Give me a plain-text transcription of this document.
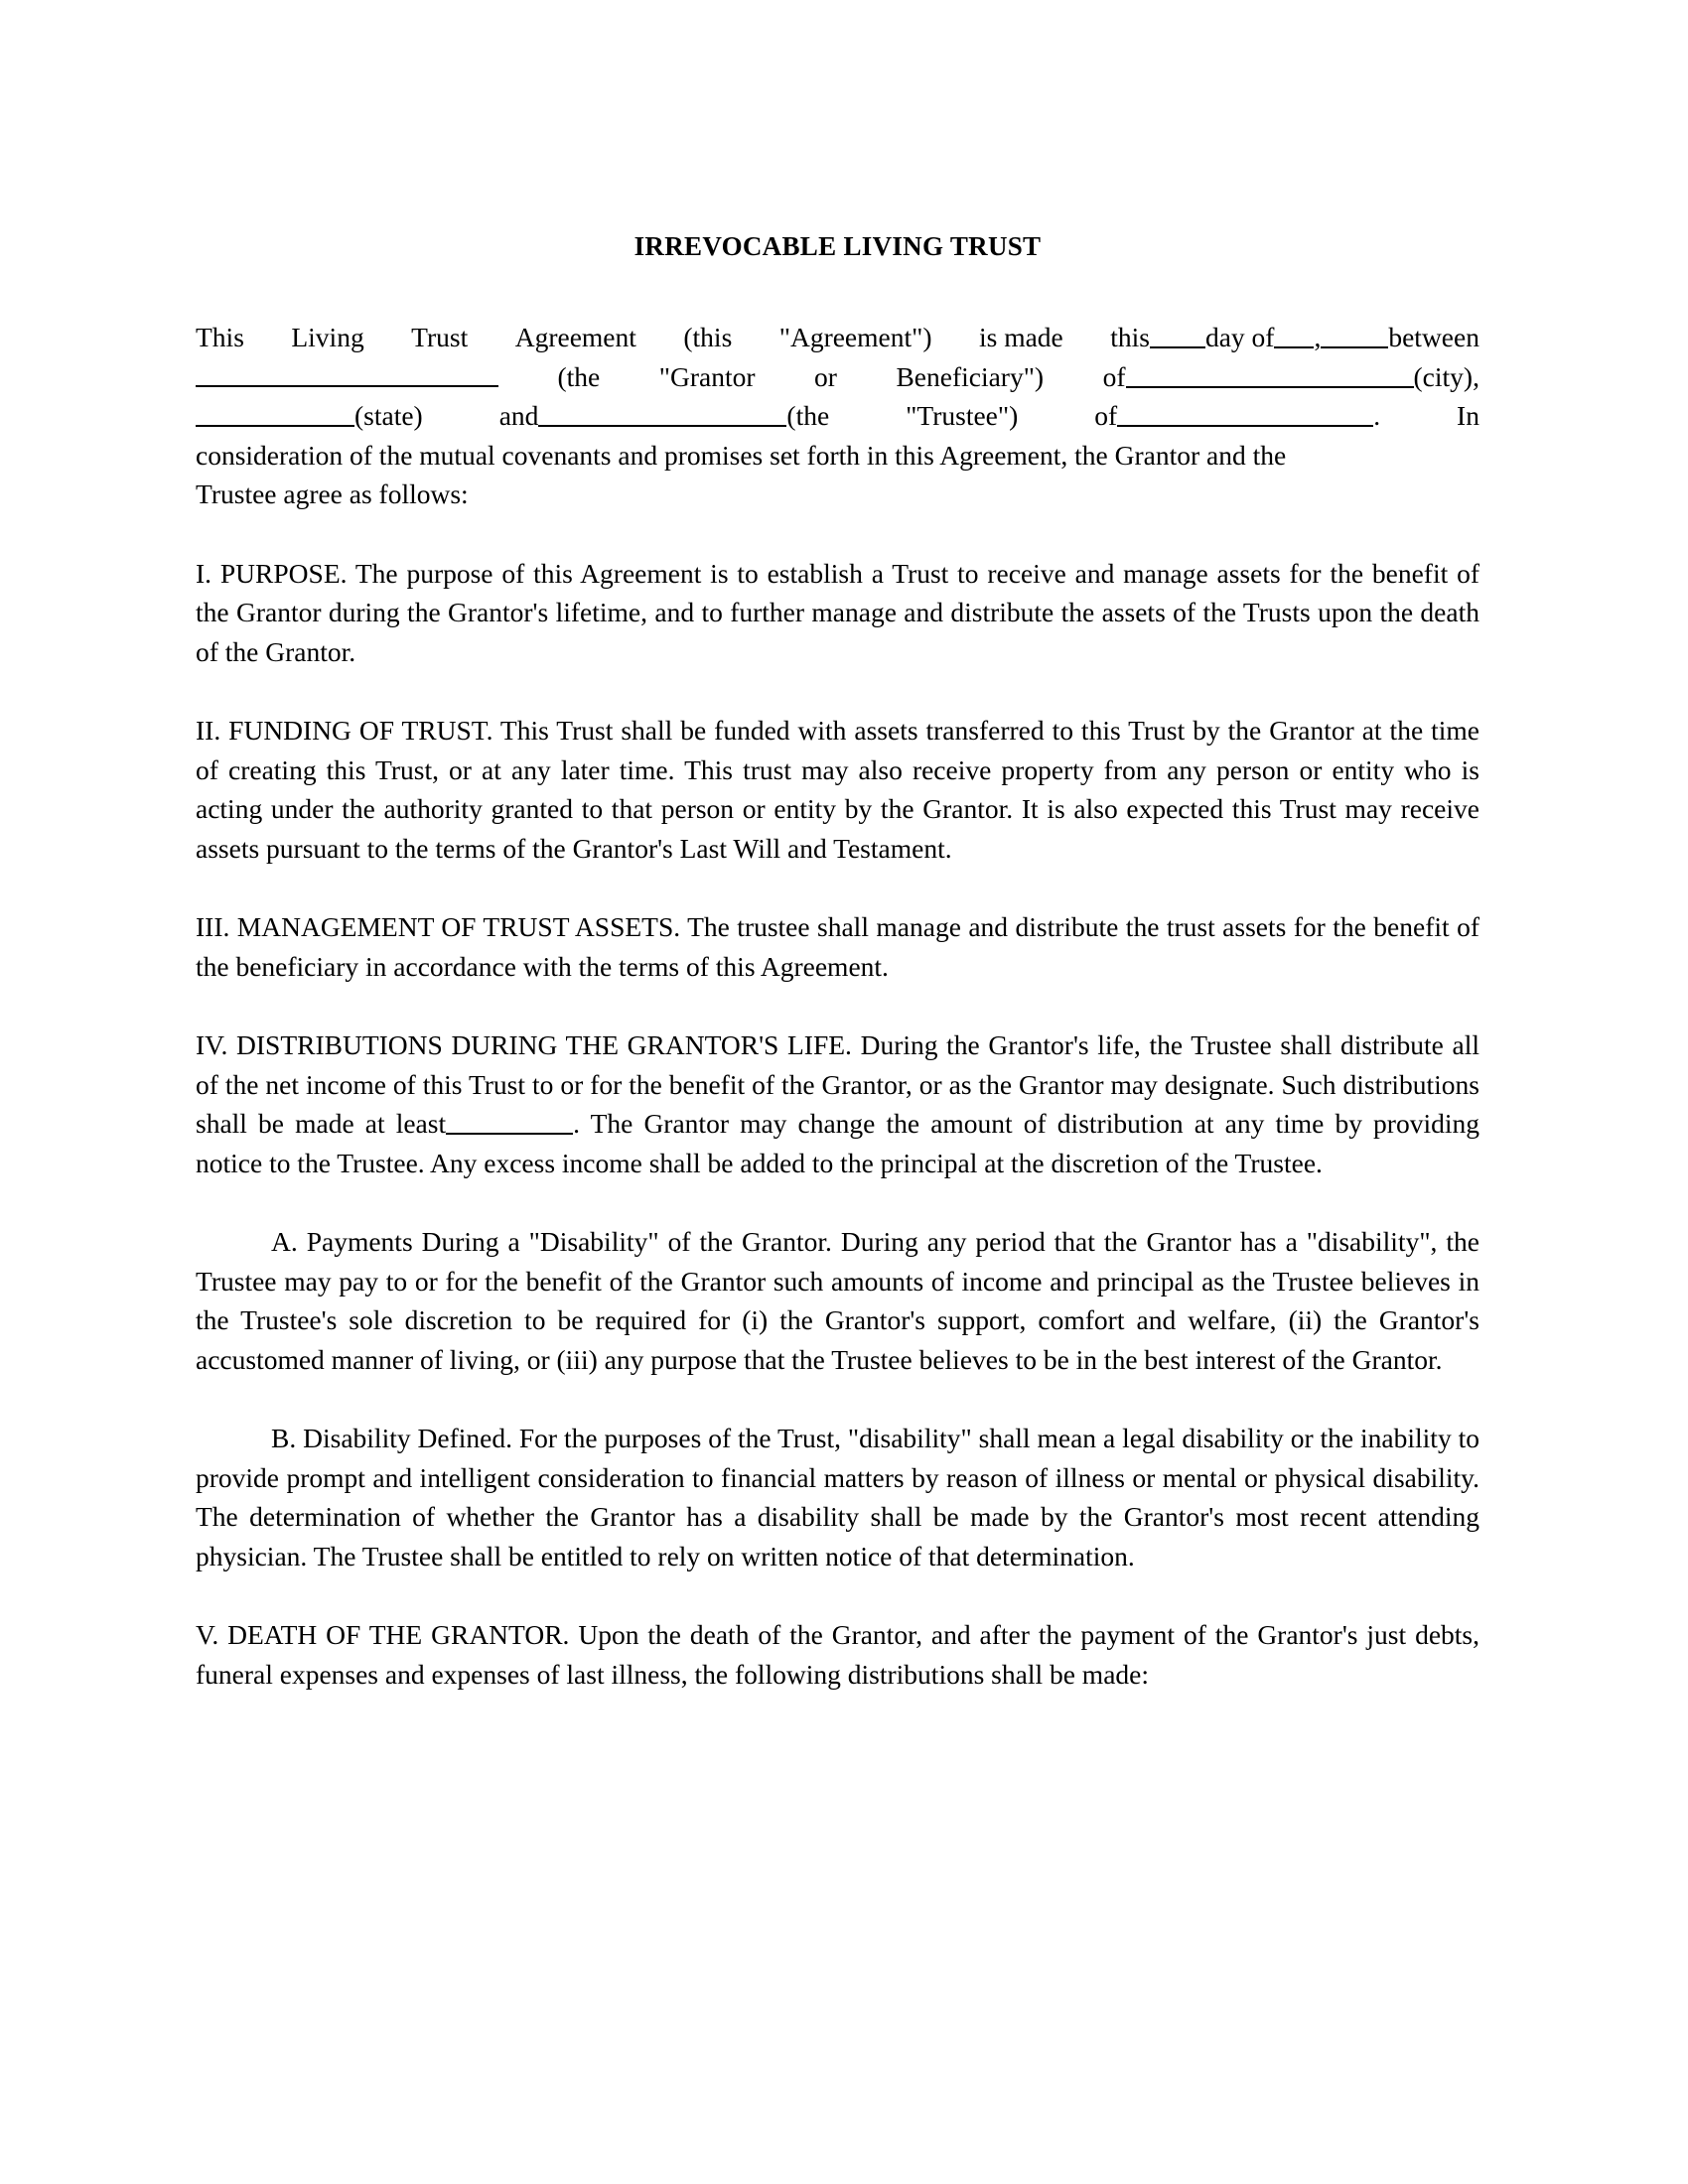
IRREVOCABLE LIVING TRUST
This Living Trust Agreement (this "Agreement") is made this day of , between
(the "Grantor or Beneficiary") of	(city),
(state)	and	(the	"Trustee")	of	.	In
consideration of the mutual covenants and promises set forth in this Agreement, the Grantor and the
Trustee agree as follows:

I. PURPOSE. The purpose of this Agreement is to establish a Trust to receive and manage assets for the benefit of the Grantor during the Grantor's lifetime, and to further manage and distribute the assets of the Trusts upon the death of the Grantor.

II. FUNDING OF TRUST. This Trust shall be funded with assets transferred to this Trust by the Grantor at the time of creating this Trust, or at any later time. This trust may also receive property from any person or entity who is acting under the authority granted to that person or entity by the Grantor. It is also expected this Trust may receive assets pursuant to the terms of the Grantor's Last Will and Testament.

III. MANAGEMENT OF TRUST ASSETS. The trustee shall manage and distribute the trust assets for the benefit of the beneficiary in accordance with the terms of this Agreement.

IV. DISTRIBUTIONS DURING THE GRANTOR'S LIFE. During the Grantor's life, the Trustee shall distribute all of the net income of this Trust to or for the benefit of the Grantor, or as the Grantor may designate. Such distributions shall be made at least	. The Grantor may change the amount of distribution at any time by providing notice to the Trustee. Any excess income shall be added to the principal at the discretion of the Trustee.

A. Payments During a "Disability" of the Grantor. During any period that the Grantor has a "disability", the Trustee may pay to or for the benefit of the Grantor such amounts of income and principal as the Trustee believes in the Trustee's sole discretion to be required for (i) the Grantor's support, comfort and welfare, (ii) the Grantor's accustomed manner of living, or (iii) any purpose that the Trustee believes to be in the best interest of the Grantor.

B. Disability Defined. For the purposes of the Trust, "disability" shall mean a legal disability or the inability to provide prompt and intelligent consideration to financial matters by reason of illness or mental or physical disability. The determination of whether the Grantor has a disability shall be made by the Grantor's most recent attending physician. The Trustee shall be entitled to rely on written notice of that determination.

V. DEATH OF THE GRANTOR. Upon the death of the Grantor, and after the payment of the Grantor's just debts, funeral expenses and expenses of last illness, the following distributions shall be made:
